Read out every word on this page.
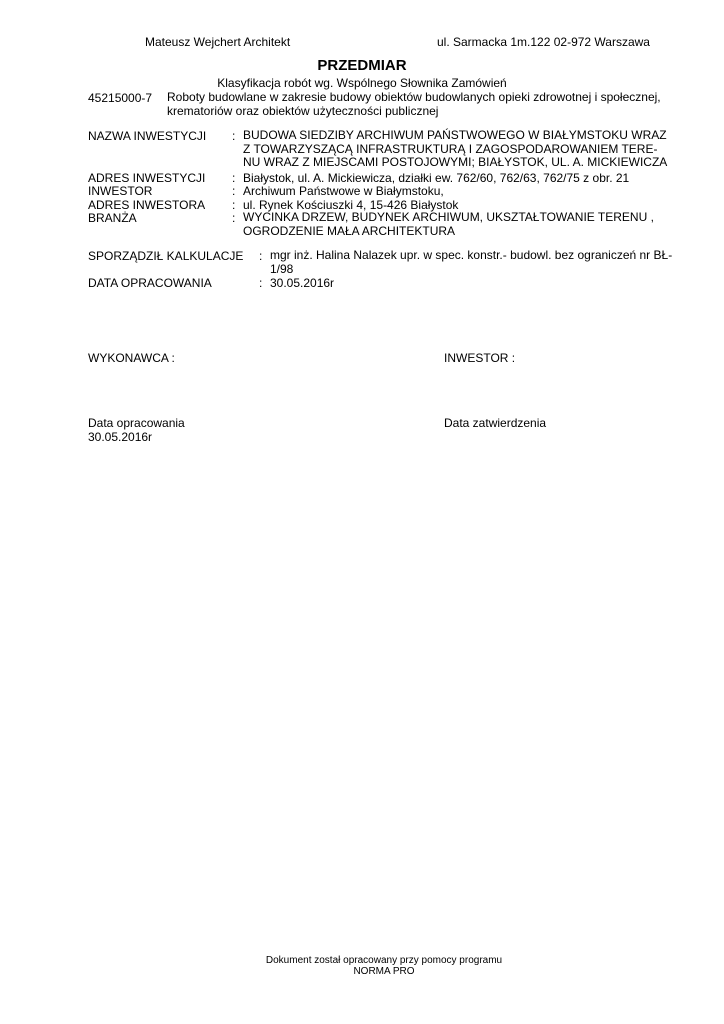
Mateusz Wejchert Architekt	ul. Sarmacka 1m.122 02-972 Warszawa
PRZEDMIAR
Klasyfikacja robót wg. Wspólnego Słownika Zamówień
45215000-7 Roboty budowlane w zakresie budowy obiektów budowlanych opieki zdrowotnej i społecznej,
krematoriów oraz obiektów użyteczności publicznej
NAZWA INWESTYCJI : BUDOWA SIEDZIBY ARCHIWUM PAŃSTWOWEGO W BIAŁYMSTOKU WRAZ
Z TOWARZYSZĄCĄ INFRASTRUKTURĄ I ZAGOSPODAROWANIEM TERE-
NU WRAZ Z MIEJSCAMI POSTOJOWYMI; BIAŁYSTOK, UL. A. MICKIEWICZA
ADRES INWESTYCJI : Białystok, ul. A. Mickiewicza, działki ew. 762/60, 762/63, 762/75 z obr. 21
INWESTOR	: Archiwum Państwowe w Białymstoku,
ADRES INWESTORA : ul. Rynek Kościuszki 4, 15-426 Białystok
BRANŻA	: WYCINKA DRZEW, BUDYNEK ARCHIWUM, UKSZTAŁTOWANIE TERENU ,
OGRODZENIE MAŁA ARCHITEKTURA
SPORZĄDZIŁ KALKULACJE : mgr inż. Halina Nalazek upr. w spec. konstr.- budowl. bez ograniczeń nr BŁ-
1/98
DATA OPRACOWANIA	: 30.05.2016r
WYKONAWCA :	INWESTOR :
Data opracowania
30.05.2016r
Data zatwierdzenia
Dokument został opracowany przy pomocy programu
NORMA PRO
